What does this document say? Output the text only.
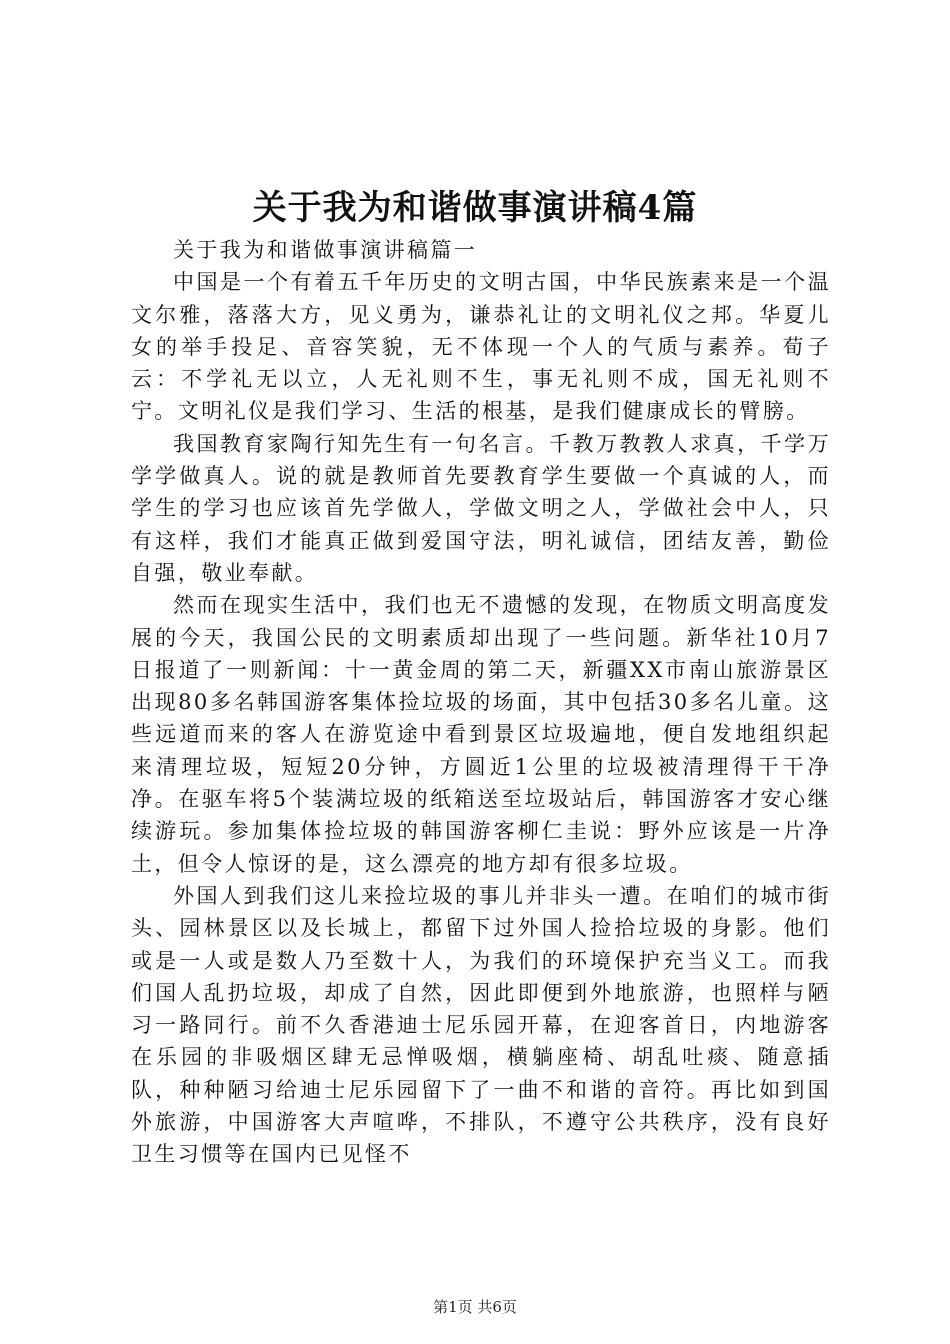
关于我为和谐做事演讲稿4篇

关于我为和谐做事演讲稿篇一

中国是一个有着五千年历史的文明古国，中华民族素来是一个温文尔雅，落落大方，见义勇为，谦恭礼让的文明礼仪之邦。华夏儿女的举手投足、音容笑貌，无不体现一个人的气质与素养。荀子云：不学礼无以立，人无礼则不生，事无礼则不成，国无礼则不宁。文明礼仪是我们学习、生活的根基，是我们健康成长的臂膀。

我国教育家陶行知先生有一句名言。千教万教教人求真，千学万学学做真人。说的就是教师首先要教育学生要做一个真诚的人，而学生的学习也应该首先学做人，学做文明之人，学做社会中人，只有这样，我们才能真正做到爱国守法，明礼诚信，团结友善，勤俭自强，敬业奉献。

然而在现实生活中，我们也无不遗憾的发现，在物质文明高度发展的今天，我国公民的文明素质却出现了一些问题。新华社10月7日报道了一则新闻：十一黄金周的第二天，新疆XX市南山旅游景区出现80多名韩国游客集体捡垃圾的场面，其中包括30多名儿童。这些远道而来的客人在游览途中看到景区垃圾遍地，便自发地组织起来清理垃圾，短短20分钟，方圆近1公里的垃圾被清理得干干净净。在驱车将5个装满垃圾的纸箱送至垃圾站后，韩国游客才安心继续游玩。参加集体捡垃圾的韩国游客柳仁圭说：野外应该是一片净土，但令人惊讶的是，这么漂亮的地方却有很多垃圾。

外国人到我们这儿来捡垃圾的事儿并非头一遭。在咱们的城市街头、园林景区以及长城上，都留下过外国人捡拾垃圾的身影。他们或是一人或是数人乃至数十人，为我们的环境保护充当义工。而我们国人乱扔垃圾，却成了自然，因此即便到外地旅游，也照样与陋习一路同行。前不久香港迪士尼乐园开幕，在迎客首日，内地游客在乐园的非吸烟区肆无忌惮吸烟，横躺座椅、胡乱吐痰、随意插队，种种陋习给迪士尼乐园留下了一曲不和谐的音符。再比如到国外旅游，中国游客大声喧哗，不排队，不遵守公共秩序，没有良好卫生习惯等在国内已见怪不

第1页 共6页
